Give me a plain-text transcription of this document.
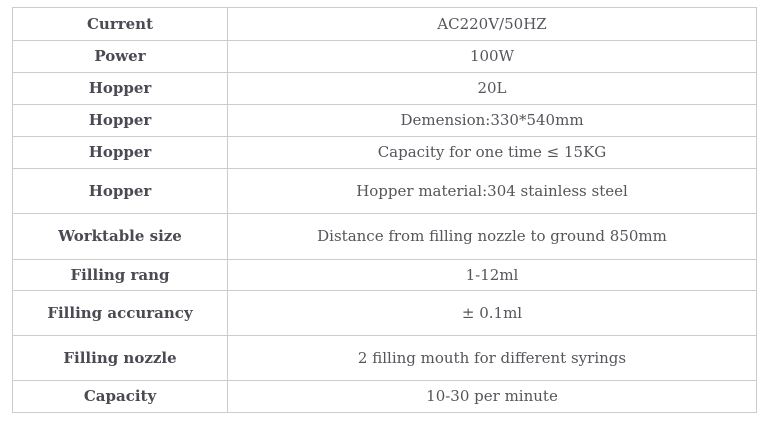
Current	AC220V/50HZ
Power	100W
Hopper	20L
Hopper	Demension:330*540mm
Hopper	Capacity for one time ≤ 15KG
Hopper	Hopper material:304 stainless steel
Worktable size	Distance from filling nozzle to ground 850mm
Filling rang	1-12ml
Filling accurancy	± 0.1ml
Filling nozzle	2 filling mouth for different syrings
Capacity	10-30 per minute
